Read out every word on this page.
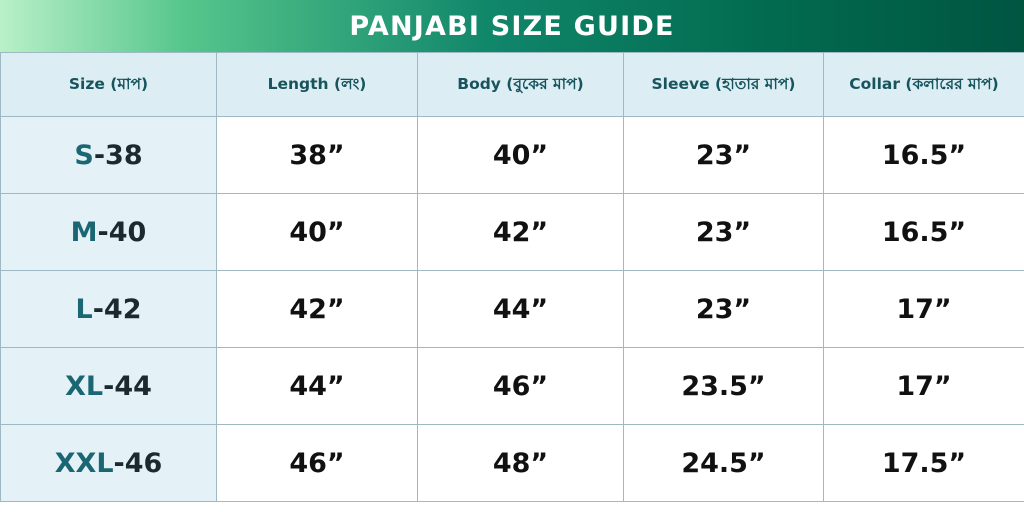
PANJABI SIZE GUIDE
Size (মাপ)	Length (লং)	Body (বুকের মাপ)	Sleeve (হাতার মাপ)	Collar (কলারের মাপ)
S-38	38”	40”	23”	16.5”
M-40	40”	42”	23”	16.5”
L-42	42”	44”	23”	17”
XL-44	44”	46”	23.5”	17”
XXL-46	46”	48”	24.5”	17.5”
